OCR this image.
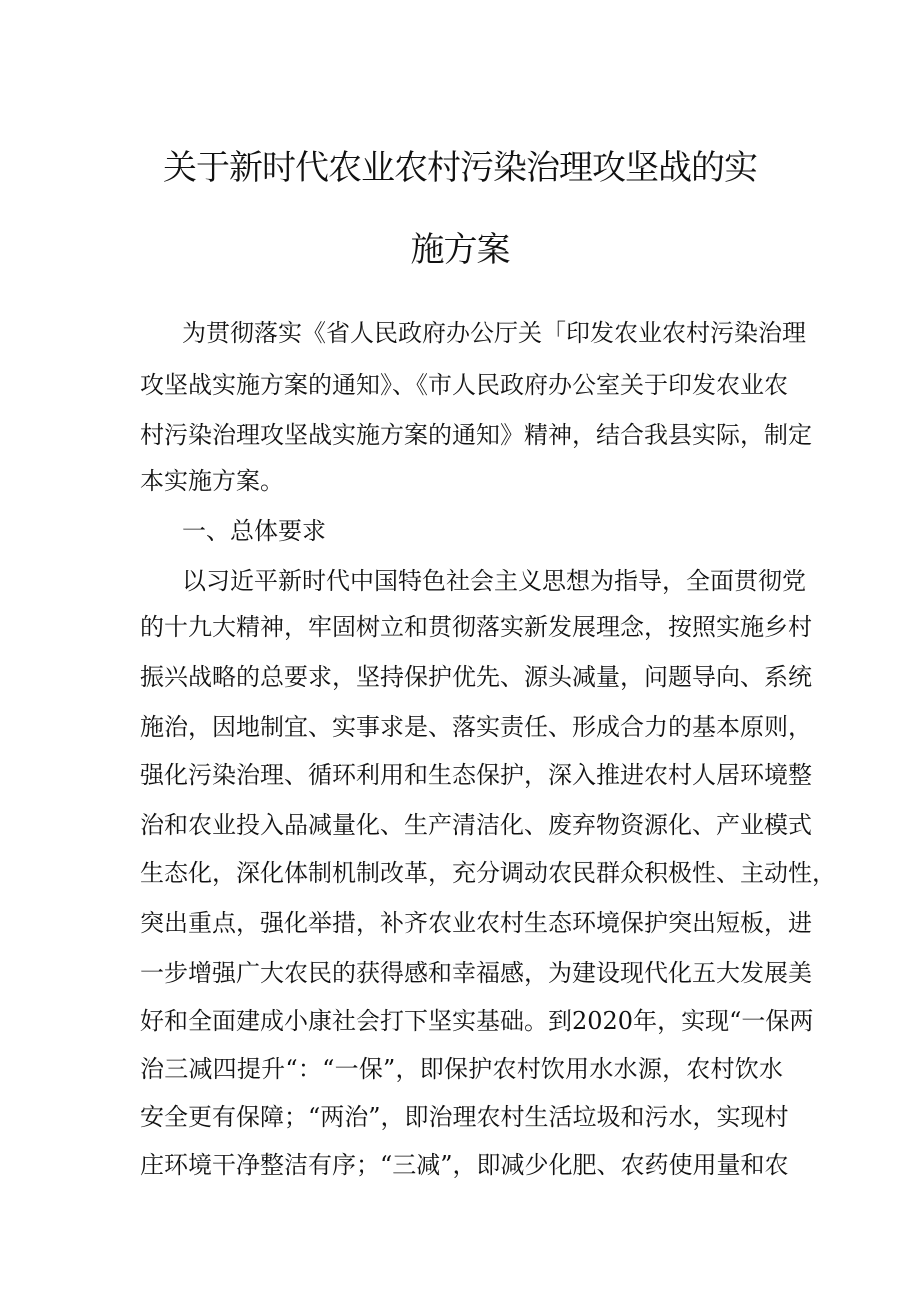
关于新时代农业农村污染治理攻坚战的实
施方案
为贯彻落实《省人民政府办公厅关「印发农业农村污染治理
攻坚战实施方案的通知》、《市人民政府办公室关于印发农业农
村污染治理攻坚战实施方案的通知》精神，结合我县实际，制定
本实施方案。
一、总体要求
以习近平新时代中国特色社会主义思想为指导，全面贯彻党
的十九大精神，牢固树立和贯彻落实新发展理念，按照实施乡村
振兴战略的总要求，坚持保护优先、源头减量，问题导向、系统
施治，因地制宜、实事求是、落实责任、形成合力的基本原则，
强化污染治理、循环利用和生态保护，深入推进农村人居环境整
治和农业投入品减量化、生产清洁化、废弃物资源化、产业模式
生态化，深化体制机制改革，充分调动农民群众积极性、主动性，
突出重点，强化举措，补齐农业农村生态环境保护突出短板，进
一步增强广大农民的获得感和幸福感，为建设现代化五大发展美
好和全面建成小康社会打下坚实基础。到2020年，实现“一保两
治三减四提升“：“一保”，即保护农村饮用水水源，农村饮水
安全更有保障；“两治”，即治理农村生活垃圾和污水，实现村
庄环境干净整洁有序；“三减”，即减少化肥、农药使用量和农
